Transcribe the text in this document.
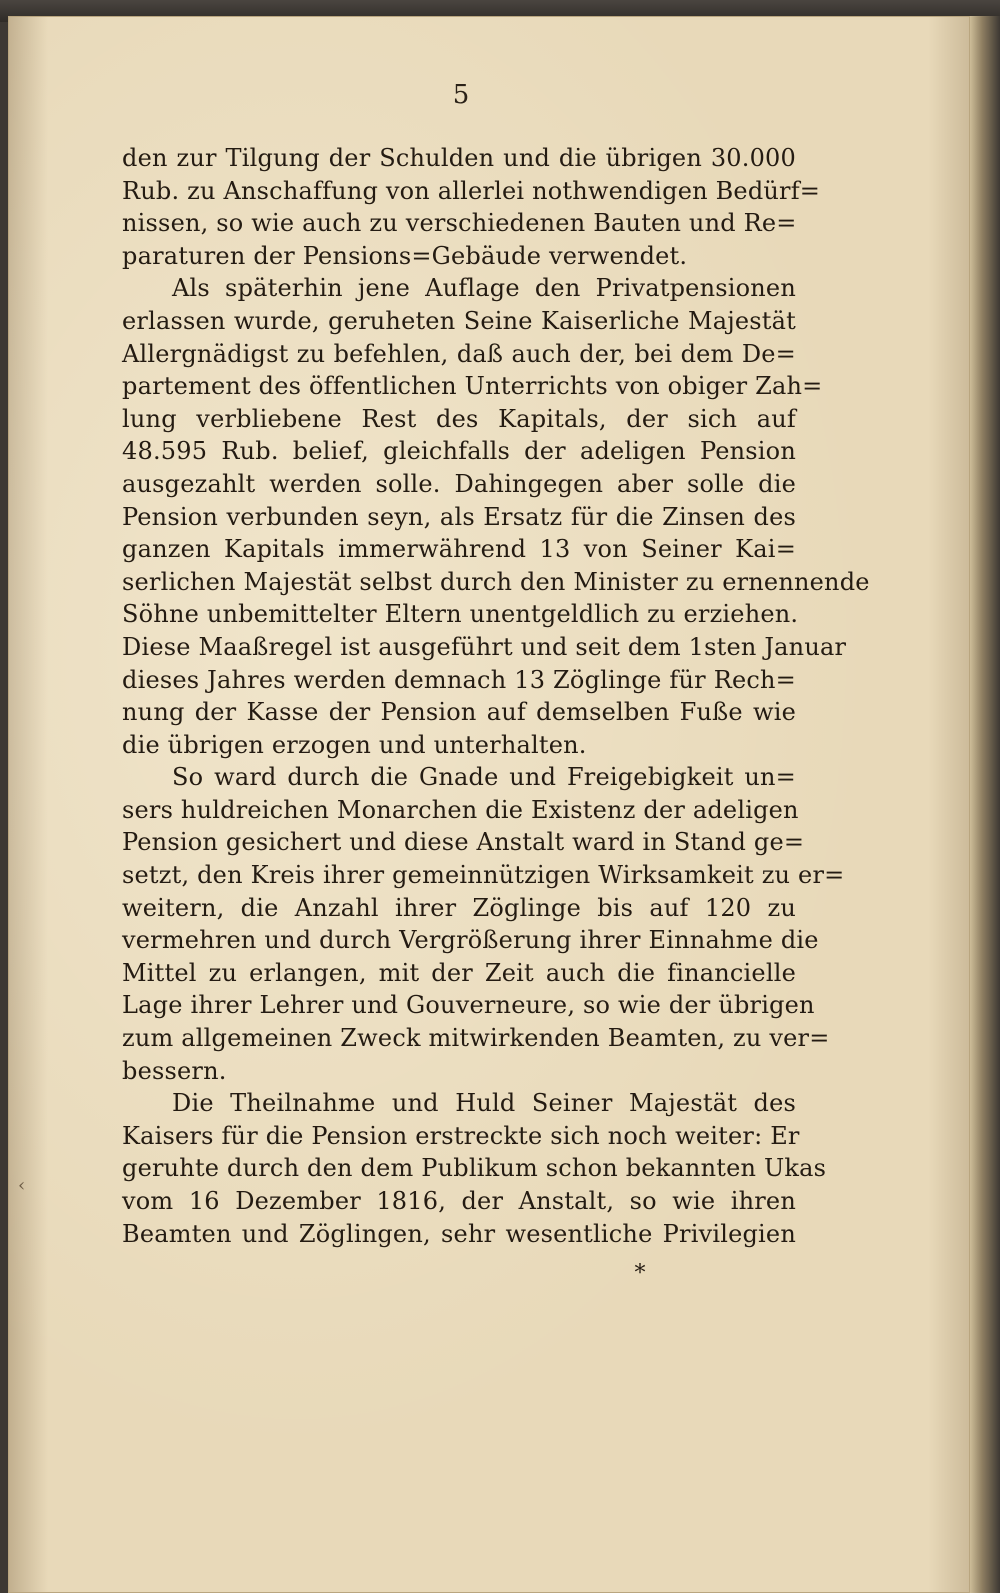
5
den zur Tilgung der Schulden und die übrigen 30.000
Rub. zu Anschaffung von allerlei nothwendigen Bedürf=
nissen, so wie auch zu verschiedenen Bauten und Re=
paraturen der Pensions=Gebäude verwendet.
Als späterhin jene Auflage den Privatpensionen
erlassen wurde, geruheten Seine Kaiserliche Majestät
Allergnädigst zu befehlen, daß auch der, bei dem De=
partement des öffentlichen Unterrichts von obiger Zah=
lung verbliebene Rest des Kapitals, der sich auf
48.595 Rub. belief, gleichfalls der adeligen Pension
ausgezahlt werden solle. Dahingegen aber solle die
Pension verbunden seyn, als Ersatz für die Zinsen des
ganzen Kapitals immerwährend 13 von Seiner Kai=
serlichen Majestät selbst durch den Minister zu ernennende
Söhne unbemittelter Eltern unentgeldlich zu erziehen.
Diese Maaßregel ist ausgeführt und seit dem 1sten Januar
dieses Jahres werden demnach 13 Zöglinge für Rech=
nung der Kasse der Pension auf demselben Fuße wie
die übrigen erzogen und unterhalten.
So ward durch die Gnade und Freigebigkeit un=
sers huldreichen Monarchen die Existenz der adeligen
Pension gesichert und diese Anstalt ward in Stand ge=
setzt, den Kreis ihrer gemeinnützigen Wirksamkeit zu er=
weitern, die Anzahl ihrer Zöglinge bis auf 120 zu
vermehren und durch Vergrößerung ihrer Einnahme die
Mittel zu erlangen, mit der Zeit auch die financielle
Lage ihrer Lehrer und Gouverneure, so wie der übrigen
zum allgemeinen Zweck mitwirkenden Beamten, zu ver=
bessern.
Die Theilnahme und Huld Seiner Majestät des
Kaisers für die Pension erstreckte sich noch weiter: Er
geruhte durch den dem Publikum schon bekannten Ukas
vom 16 Dezember 1816, der Anstalt, so wie ihren
Beamten und Zöglingen, sehr wesentliche Privilegien
*
‹
